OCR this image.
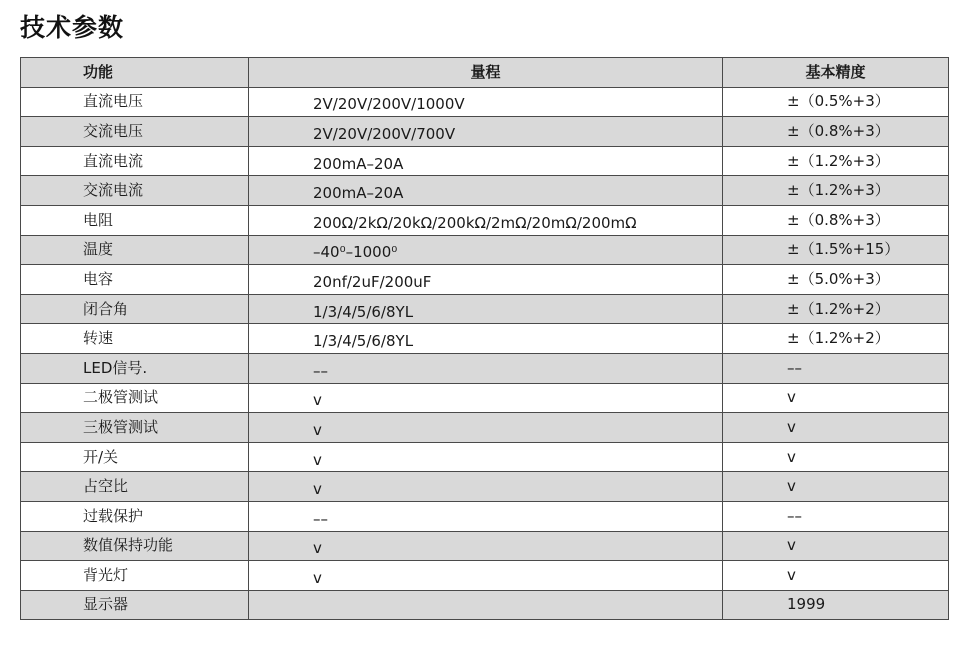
技术参数
功能	量程	基本精度
直流电压	2V/20V/200V/1000V	±（0.5%+3）
交流电压	2V/20V/200V/700V	±（0.8%+3）
直流电流	200mA–20A	±（1.2%+3）
交流电流	200mA–20A	±（1.2%+3）
电阻	200Ω/2kΩ/20kΩ/200kΩ/2mΩ/20mΩ/200mΩ	±（0.8%+3）
温度	–40⁰–1000⁰	±（1.5%+15）
电容	20nf/2uF/200uF	±（5.0%+3）
闭合角	1/3/4/5/6/8YL	±（1.2%+2）
转速	1/3/4/5/6/8YL	±（1.2%+2）
LED信号.	––	––
二极管测试	v	v
三极管测试	v	v
开/关	v	v
占空比	v	v
过载保护	––	––
数值保持功能	v	v
背光灯	v	v
显示器		1999
